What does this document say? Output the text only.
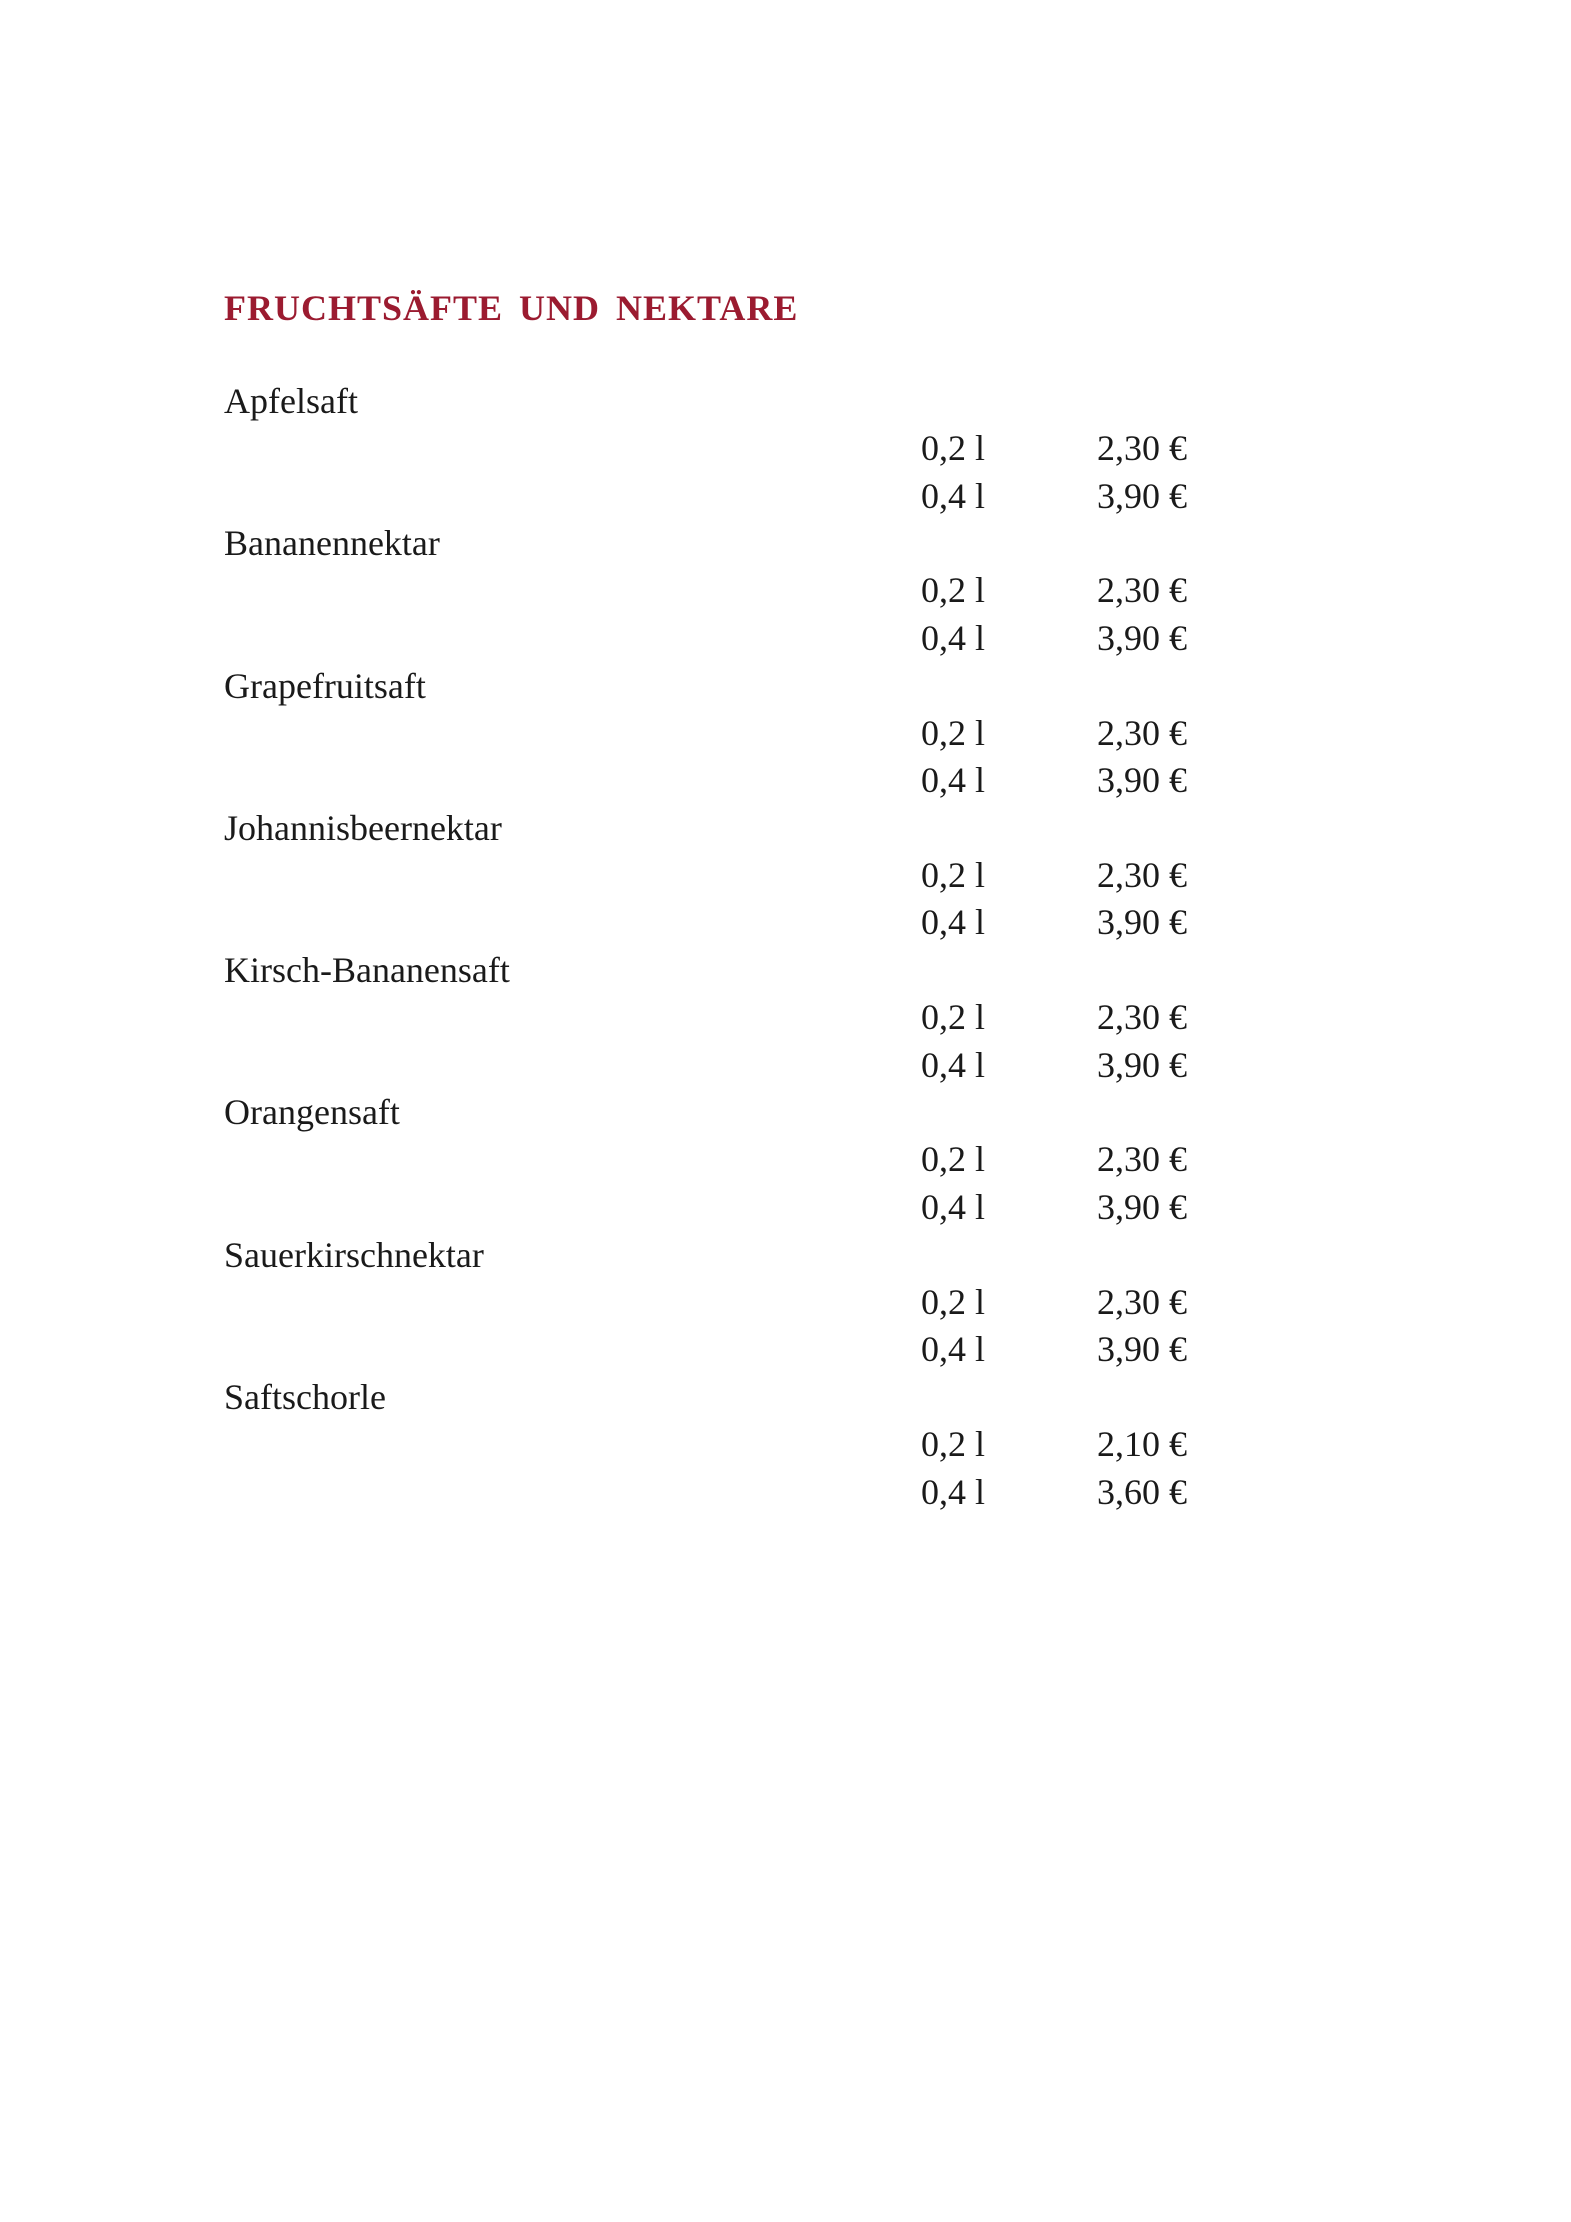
FRUCHTSÄFTE UND NEKTARE
Apfelsaft
0,2 l	2,30 €
0,4 l	3,90 €
Bananennektar
0,2 l	2,30 €
0,4 l	3,90 €
Grapefruitsaft
0,2 l	2,30 €
0,4 l	3,90 €
Johannisbeernektar
0,2 l	2,30 €
0,4 l	3,90 €
Kirsch-Bananensaft
0,2 l	2,30 €
0,4 l	3,90 €
Orangensaft
0,2 l	2,30 €
0,4 l	3,90 €
Sauerkirschnektar
0,2 l	2,30 €
0,4 l	3,90 €
Saftschorle
0,2 l	2,10 €
0,4 l	3,60 €
